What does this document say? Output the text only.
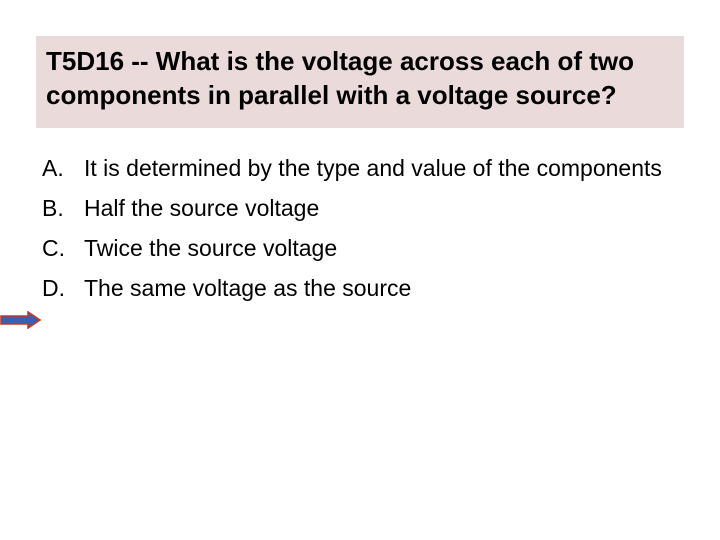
T5D16 -- What is the voltage across each of two components in parallel with a voltage source?

A. It is determined by the type and value of the components
B. Half the source voltage
C. Twice the source voltage
D. The same voltage as the source
